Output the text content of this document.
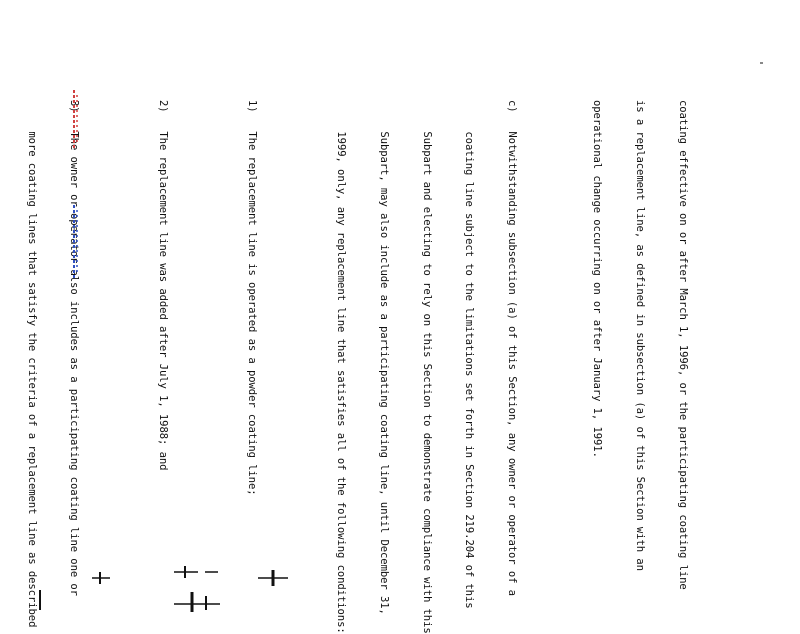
coating effective on or after March 1, 1996, or the participating coating line

is a replacement line, as defined in subsection (a) of this Section with an

operational change occurring on or after January 1, 1991.

c)   Notwithstanding subsection (a) of this Section, any owner or operator of a

coating line subject to the limitations set forth in Section 219.204 of this

Subpart and electing to rely on this Section to demonstrate compliance with this

Subpart, may also include as a participating coating line, until December 31,

1999, only, any replacement line that satisfies all of the following conditions:

1)   The replacement line is operated as a powder coating line;

2)   The replacement line was added after July 1, 1988; and

3)   The owner or operator also includes as a participating coating line one or

more coating lines that satisfy the criteria of a replacement line as described
